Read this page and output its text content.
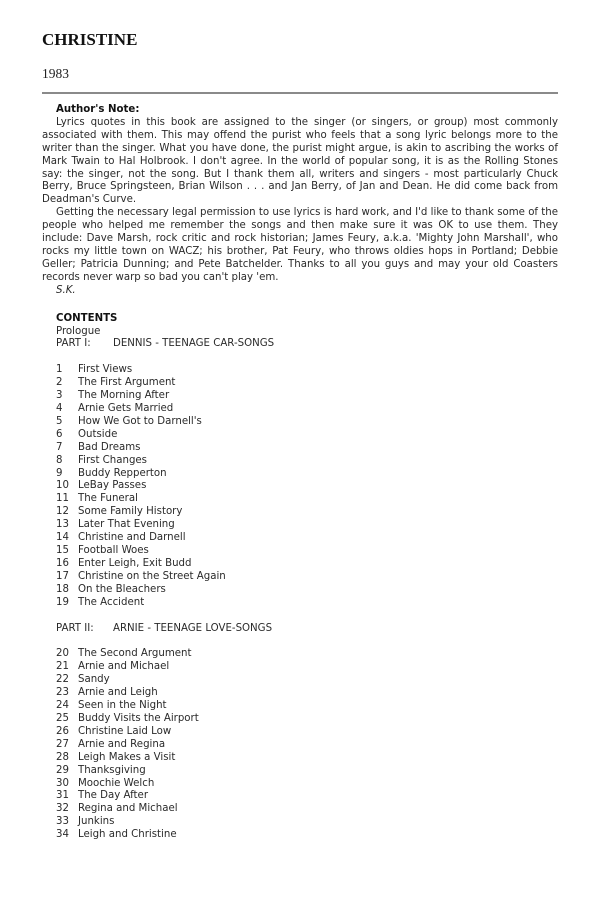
CHRISTINE
1983
Author's Note:

Lyrics quotes in this book are assigned to the singer (or singers, or group) most commonly associated with them. This may offend the purist who feels that a song lyric belongs more to the writer than the singer. What you have done, the purist might argue, is akin to ascribing the works of Mark Twain to Hal Holbrook. I don't agree. In the world of popular song, it is as the Rolling Stones say: the singer, not the song. But I thank them all, writers and singers - most particularly Chuck Berry, Bruce Springsteen, Brian Wilson . . . and Jan Berry, of Jan and Dean. He did come back from Deadman's Curve.

Getting the necessary legal permission to use lyrics is hard work, and I'd like to thank some of the people who helped me remember the songs and then make sure it was OK to use them. They include: Dave Marsh, rock critic and rock historian; James Feury, a.k.a. 'Mighty John Marshall', who rocks my little town on WACZ; his brother, Pat Feury, who throws oldies hops in Portland; Debbie Geller; Patricia Dunning; and Pete Batchelder. Thanks to all you guys and may your old Coasters records never warp so bad you can't play 'em.

S.K.
CONTENTS
Prologue
PART I: DENNIS - TEENAGE CAR-SONGS
1	First Views
2	The First Argument
3	The Morning After
4	Arnie Gets Married
5	How We Got to Darnell's
6	Outside
7	Bad Dreams
8	First Changes
9	Buddy Repperton
10 LeBay Passes
11 The Funeral
12 Some Family History
13 Later That Evening
14 Christine and Darnell
15 Football Woes
16 Enter Leigh, Exit Budd
17 Christine on the Street Again
18 On the Bleachers
19 The Accident
PART II: ARNIE - TEENAGE LOVE-SONGS
20 The Second Argument
21 Arnie and Michael
22 Sandy
23 Arnie and Leigh
24 Seen in the Night
25 Buddy Visits the Airport
26 Christine Laid Low
27 Arnie and Regina
28 Leigh Makes a Visit
29 Thanksgiving
30 Moochie Welch
31 The Day After
32 Regina and Michael
33 Junkins
34 Leigh and Christine
